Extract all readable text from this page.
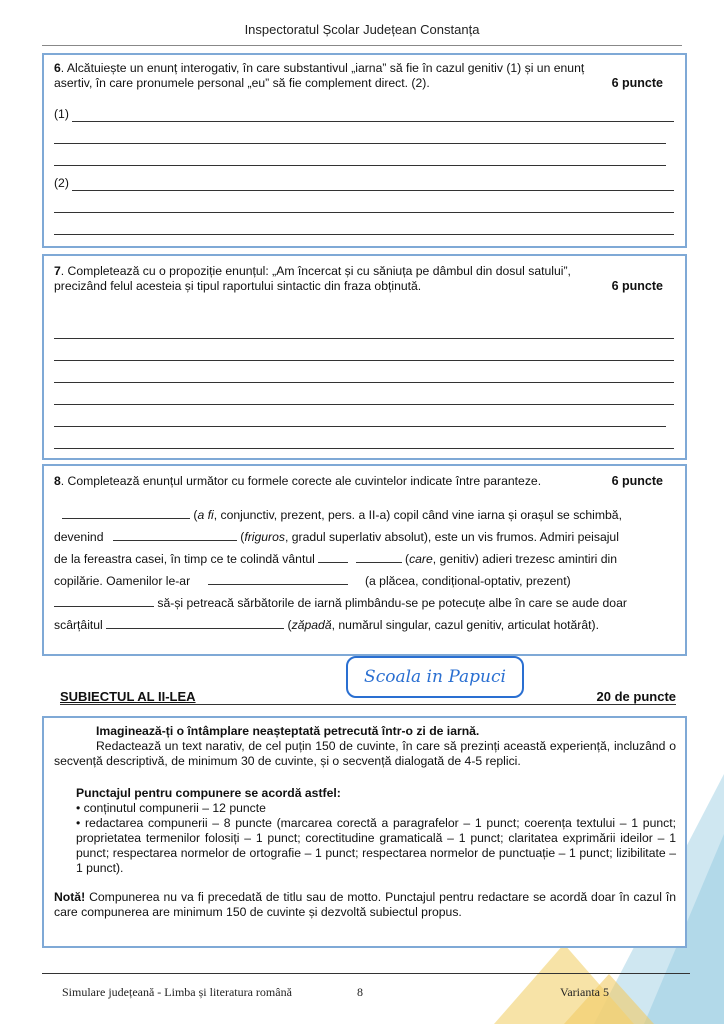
Inspectoratul Școlar Județean Constanța
6. Alcătuiește un enunț interogativ, în care substantivul „iarna” să fie în cazul genitiv (1) și un enunț
asertiv, în care pronumele personal „eu” să fie complement direct. (2).	6 puncte
(1)
(2)
7. Completează cu o propoziție enunțul: „Am încercat și cu săniuța pe dâmbul din dosul satului”,
precizând felul acesteia și tipul raportului sintactic din fraza obținută.	6 puncte
8. Completează enunțul următor cu formele corecte ale cuvintelor indicate între paranteze.	6 puncte
(a fi, conjunctiv, prezent, pers. a II-a) copil când vine iarna și orașul se schimbă,
devenind	(friguros, gradul superlativ absolut), este un vis frumos. Admiri peisajul
de la fereastra casei, în timp ce te colindă vântul	(care, genitiv) adieri trezesc amintiri din
copilărie. Oamenilor le-ar	(a plăcea, condițional-optativ, prezent)
să-și petreacă sărbătorile de iarnă plimbându-se pe potecuțe albe în care se aude doar
scârțâitul	(zăpadă, numărul singular, cazul genitiv, articulat hotărât).
SUBIECTUL AL II-LEA	20 de puncte
Scoala in Papuci
Imaginează-ți o întâmplare neașteptată petrecută într-o zi de iarnă.
Redactează un text narativ, de cel puțin 150 de cuvinte, în care să prezinți această experiență, incluzând o secvență descriptivă, de minimum 30 de cuvinte, și o secvență dialogată de 4-5 replici.
Punctajul pentru compunere se acordă astfel:
• conținutul compunerii – 12 puncte
• redactarea compunerii – 8 puncte (marcarea corectă a paragrafelor – 1 punct; coerența textului – 1 punct; proprietatea termenilor folosiți – 1 punct; corectitudine gramaticală – 1 punct; claritatea exprimării ideilor – 1 punct; respectarea normelor de ortografie – 1 punct; respectarea normelor de punctuație – 1 punct; lizibilitate – 1 punct).
Notă! Compunerea nu va fi precedată de titlu sau de motto. Punctajul pentru redactare se acordă doar în cazul în care compunerea are minimum 150 de cuvinte și dezvoltă subiectul propus.
Simulare județeană - Limba și literatura română	8	Varianta 5
